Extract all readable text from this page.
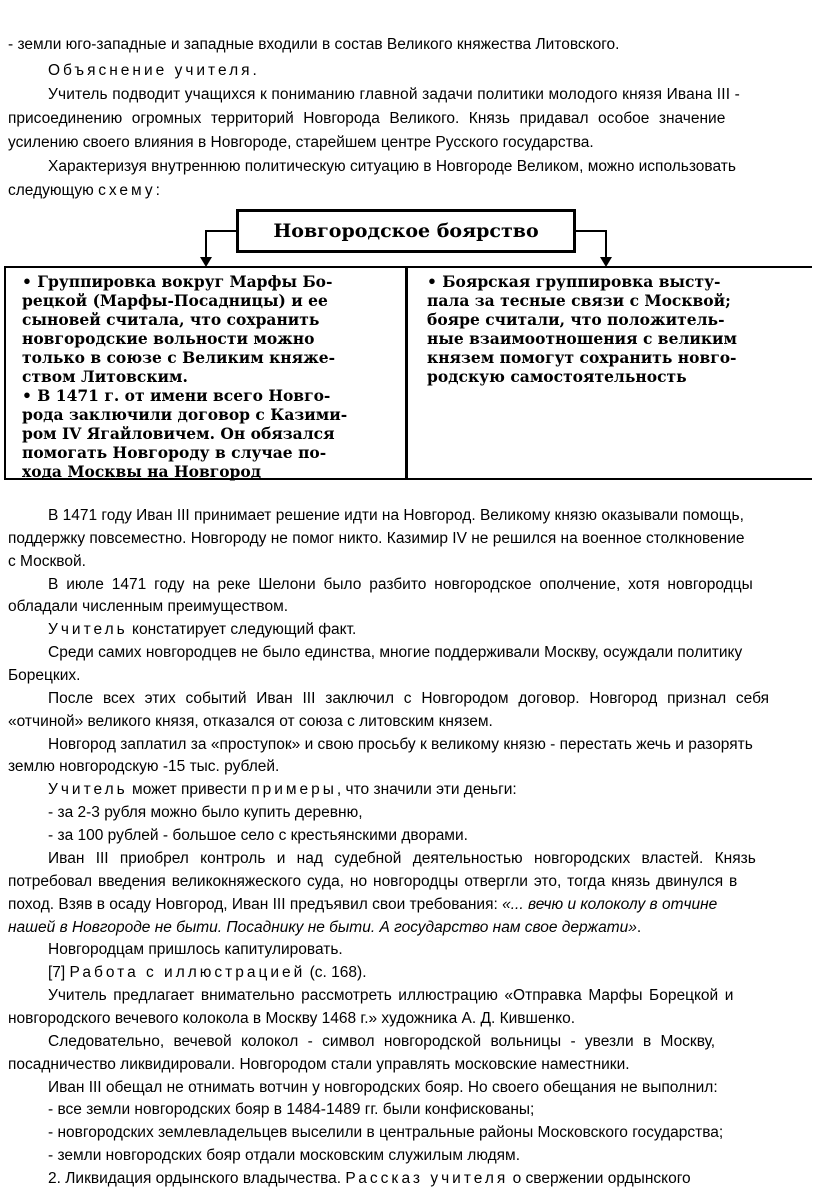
- земли юго-западные и западные входили в состав Великого княжества Литовского.
Объяснение учителя.
Учитель подводит учащихся к пониманию главной задачи политики молодого князя Ивана III -
присоединению огромных территорий Новгорода Великого. Князь придавал особое значение
усилению своего влияния в Новгороде, старейшем центре Русского государства.
Характеризуя внутреннюю политическую ситуацию в Новгороде Великом, можно использовать
следующую схему:
Новгородское боярство
• Группировка вокруг Марфы Бо-
рецкой (Марфы-Посадницы) и ее
сыновей считала, что сохранить
новгородские вольности можно
только в союзе с Великим княже-
ством Литовским.
• В 1471 г. от имени всего Новго-
рода заключили договор с Казими-
ром IV Ягайловичем. Он обязался
помогать Новгороду в случае по-
хода Москвы на Новгород
• Боярская группировка высту-
пала за тесные связи с Москвой;
бояре считали, что положитель-
ные взаимоотношения с великим
князем помогут сохранить новго-
родскую самостоятельность
В 1471 году Иван III принимает решение идти на Новгород. Великому князю оказывали помощь,
поддержку повсеместно. Новгороду не помог никто. Казимир IV не решился на военное столкновение
с Москвой.
В июле 1471 году на реке Шелони было разбито новгородское ополчение, хотя новгородцы
обладали численным преимуществом.
Учитель констатирует следующий факт.
Среди самих новгородцев не было единства, многие поддерживали Москву, осуждали политику
Борецких.
После всех этих событий Иван III заключил с Новгородом договор. Новгород признал себя
«отчиной» великого князя, отказался от союза с литовским князем.
Новгород заплатил за «проступок» и свою просьбу к великому князю - перестать жечь и разорять
землю новгородскую -15 тыс. рублей.
Учитель может привести примеры, что значили эти деньги:
- за 2-3 рубля можно было купить деревню,
- за 100 рублей - большое село с крестьянскими дворами.
Иван III приобрел контроль и над судебной деятельностью новгородских властей. Князь
потребовал введения великокняжеского суда, но новгородцы отвергли это, тогда князь двинулся в
поход. Взяв в осаду Новгород, Иван III предъявил свои требования: «... вечю и колоколу в отчине
нашей в Новгороде не быти. Посаднику не быти. А государство нам свое держати».
Новгородцам пришлось капитулировать.
[7] Работа с иллюстрацией (с. 168).
Учитель предлагает внимательно рассмотреть иллюстрацию «Отправка Марфы Борецкой и
новгородского вечевого колокола в Москву 1468 г.» художника А. Д. Кившенко.
Следовательно, вечевой колокол - символ новгородской вольницы - увезли в Москву,
посадничество ликвидировали. Новгородом стали управлять московские наместники.
Иван III обещал не отнимать вотчин у новгородских бояр. Но своего обещания не выполнил:
- все земли новгородских бояр в 1484-1489 гг. были конфискованы;
- новгородских землевладельцев выселили в центральные районы Московского государства;
- земли новгородских бояр отдали московским служилым людям.
2. Ликвидация ордынского владычества. Рассказ учителя о свержении ордынского
